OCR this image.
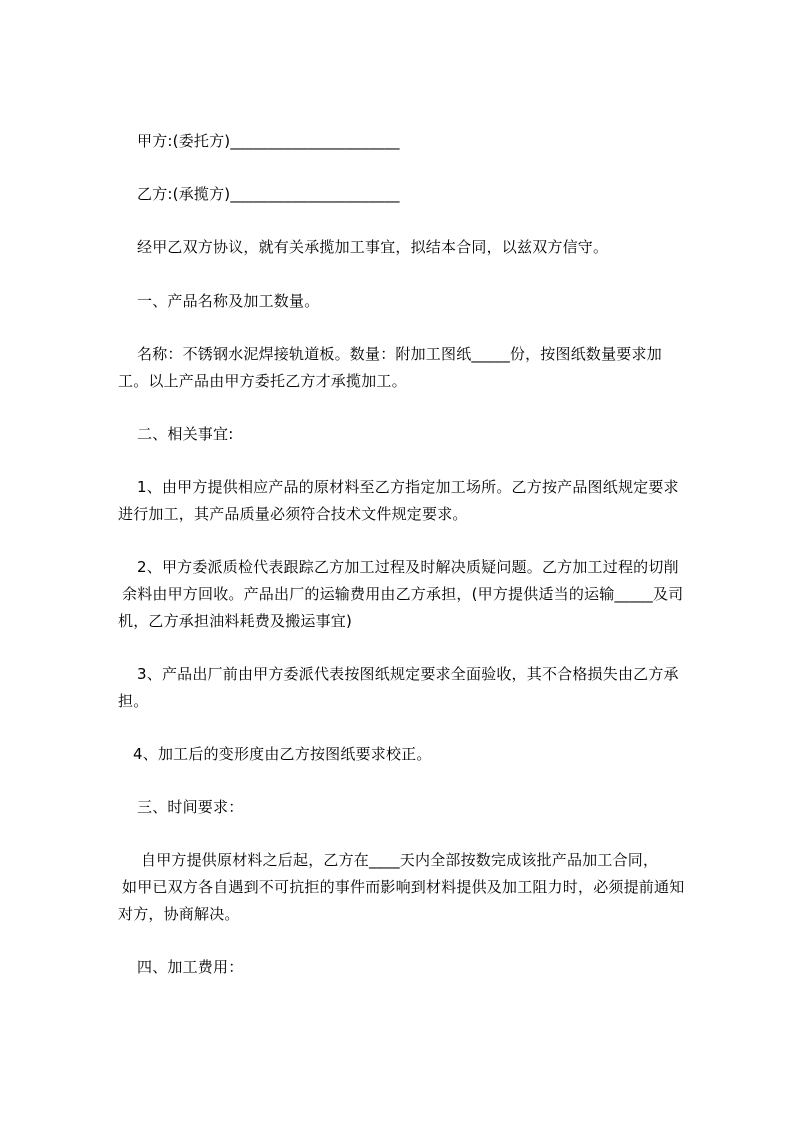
甲方:(委托方)______________________
乙方:(承揽方)______________________
经甲乙双方协议，就有关承揽加工事宜，拟结本合同，以兹双方信守。
一、产品名称及加工数量。
名称：不锈钢水泥焊接轨道板。数量：附加工图纸_____份，按图纸数量要求加
工。以上产品由甲方委托乙方才承揽加工。
二、相关事宜:
1、由甲方提供相应产品的原材料至乙方指定加工场所。乙方按产品图纸规定要求
进行加工，其产品质量必须符合技术文件规定要求。
2、甲方委派质检代表跟踪乙方加工过程及时解决质疑问题。乙方加工过程的切削
余料由甲方回收。产品出厂的运输费用由乙方承担，(甲方提供适当的运输_____及司
机，乙方承担油料耗费及搬运事宜)
3、产品出厂前由甲方委派代表按图纸规定要求全面验收，其不合格损失由乙方承
担。
4、加工后的变形度由乙方按图纸要求校正。
三、时间要求：
自甲方提供原材料之后起，乙方在____天内全部按数完成该批产品加工合同，
如甲已双方各自遇到不可抗拒的事件而影响到材料提供及加工阻力时，必须提前通知
对方，协商解决。
四、加工费用：
